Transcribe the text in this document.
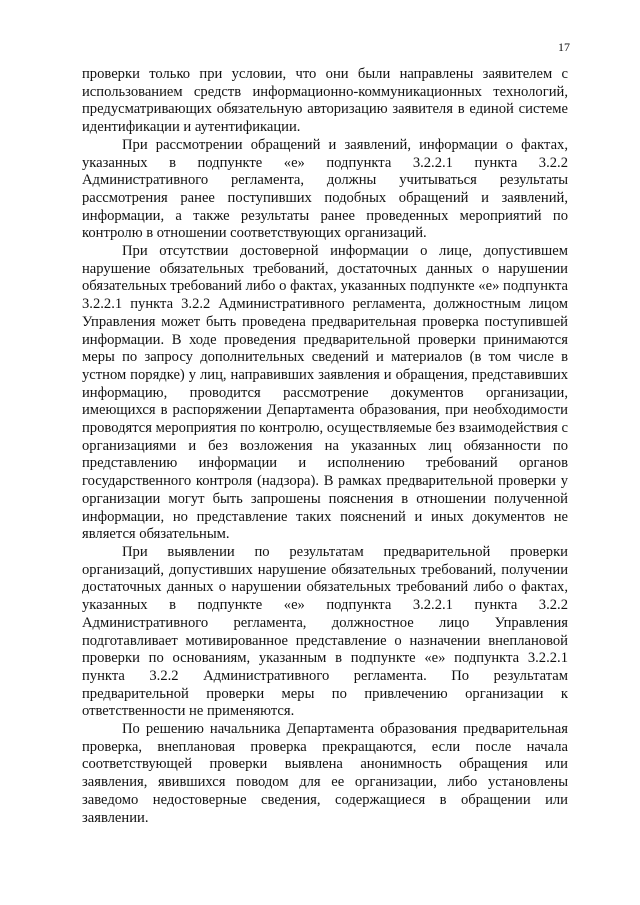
17

проверки только при условии, что они были направлены заявителем с использованием средств информационно-коммуникационных технологий, предусматривающих обязательную авторизацию заявителя в единой системе идентификации и аутентификации.

При рассмотрении обращений и заявлений, информации о фактах, указанных в подпункте «е» подпункта 3.2.2.1 пункта 3.2.2 Административного регламента, должны учитываться результаты рассмотрения ранее поступивших подобных обращений и заявлений, информации, а также результаты ранее проведенных мероприятий по контролю в отношении соответствующих организаций.

При отсутствии достоверной информации о лице, допустившем нарушение обязательных требований, достаточных данных о нарушении обязательных требований либо о фактах, указанных подпункте «е» подпункта 3.2.2.1 пункта 3.2.2 Административного регламента, должностным лицом Управления может быть проведена предварительная проверка поступившей информации. В ходе проведения предварительной проверки принимаются меры по запросу дополнительных сведений и материалов (в том числе в устном порядке) у лиц, направивших заявления и обращения, представивших информацию, проводится рассмотрение документов организации, имеющихся в распоряжении Департамента образования, при необходимости проводятся мероприятия по контролю, осуществляемые без взаимодействия с организациями и без возложения на указанных лиц обязанности по представлению информации и исполнению требований органов государственного контроля (надзора). В рамках предварительной проверки у организации могут быть запрошены пояснения в отношении полученной информации, но представление таких пояснений и иных документов не является обязательным.

При выявлении по результатам предварительной проверки организаций, допустивших нарушение обязательных требований, получении достаточных данных о нарушении обязательных требований либо о фактах, указанных в подпункте «е» подпункта 3.2.2.1 пункта 3.2.2 Административного регламента, должностное лицо Управления подготавливает мотивированное представление о назначении внеплановой проверки по основаниям, указанным в подпункте «е» подпункта 3.2.2.1 пункта 3.2.2 Административного регламента. По результатам предварительной проверки меры по привлечению организации к ответственности не применяются.

По решению начальника Департамента образования предварительная проверка, внеплановая проверка прекращаются, если после начала соответствующей проверки выявлена анонимность обращения или заявления, явившихся поводом для ее организации, либо установлены заведомо недостоверные сведения, содержащиеся в обращении или заявлении.
